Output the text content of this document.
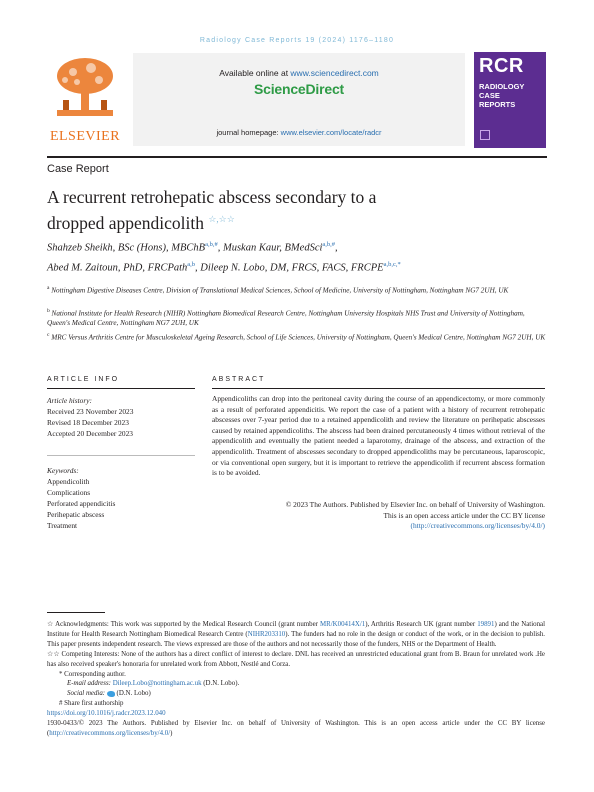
Radiology Case Reports 19 (2024) 1176–1180
ELSEVIER
Available online at www.sciencedirect.com
ScienceDirect
journal homepage: www.elsevier.com/locate/radcr
RCR
RADIOLOGY
CASE
REPORTS
Case Report
A recurrent retrohepatic abscess secondary to a
dropped appendicolith ☆,☆☆
Shahzeb Sheikh, BSc (Hons), MBChB$^{a,b,\#}$, Muskan Kaur, BMedSci$^{a,b,\#}$,
Abed M. Zaitoun, PhD, FRCPath$^{a,b}$, Dileep N. Lobo, DM, FRCS, FACS, $FRCPE^{a,b,c,*}$
$^a$ Nottingham Digestive Diseases Centre, Division of Translational Medical Sciences, School of Medicine, University of Nottingham, Nottingham NG7 2UH, UK
$^b$ National Institute for Health Research (NIHR) Nottingham Biomedical Research Centre, Nottingham University Hospitals NHS Trust and University of Nottingham, Queen's Medical Centre, Nottingham NG7 2UH, UK
$^c$ MRC Versus Arthritis Centre for Musculoskeletal Ageing Research, School of Life Sciences, University of Nottingham, Queen's Medical Centre, Nottingham NG7 2UH, UK
ARTICLE INFO
Article history:
Received 23 November 2023
Revised 18 December 2023
Accepted 20 December 2023
Keywords:
Appendicolith
Complications
Perforated appendicitis
Perihepatic abscess
Treatment
ABSTRACT
Appendicoliths can drop into the peritoneal cavity during the course of an appendicectomy, or more commonly as a result of perforated appendicitis. We report the case of a patient with a history of recurrent retrohepatic abscesses over 7-year period due to a retained appendicolith and review the literature on perihepatic abscesses caused by retained appendicoliths. The abscess had been drained percutaneously 4 times without retrieval of the appendicolith and eventually the patient needed a laparotomy, drainage of the abscess, and extraction of the appendicolith. Treatment of abscesses secondary to dropped appendicoliths may be percutaneous, laparoscopic, or via conventional open surgery, but it is important to retrieve the appendicolith if recurrent abscess formation is to be avoided.
© 2023 The Authors. Published by Elsevier Inc. on behalf of University of Washington.
This is an open access article under the CC BY license
(http://creativecommons.org/licenses/by/4.0/)
☆ Acknowledgments: This work was supported by the Medical Research Council (grant number MR/K00414X/1), Arthritis Research UK (grant number 19891) and the National Institute for Health Research Nottingham Biomedical Research Centre (NIHR203310). The funders had no role in the design or conduct of the work, or in the decision to publish. This paper presents independent research. The views expressed are those of the authors and not necessarily those of the funders, NHS or the Department of Health.
☆☆ Competing Interests: None of the authors has a direct conflict of interest to declare. DNL has received an unrestricted educational grant from B. Braun for unrelated work .He has also received speaker's honoraria for unrelated work from Abbott, Nestlé and Corza.
* Corresponding author.
E-mail address: Dileep.Lobo@nottingham.ac.uk (D.N. Lobo).
Social media:  (D.N. Lobo)
# Share first authorship
https://doi.org/10.1016/j.radcr.2023.12.040
1930-0433/© 2023 The Authors. Published by Elsevier Inc. on behalf of University of Washington. This is an open access article under the CC BY license (http://creativecommons.org/licenses/by/4.0/)
